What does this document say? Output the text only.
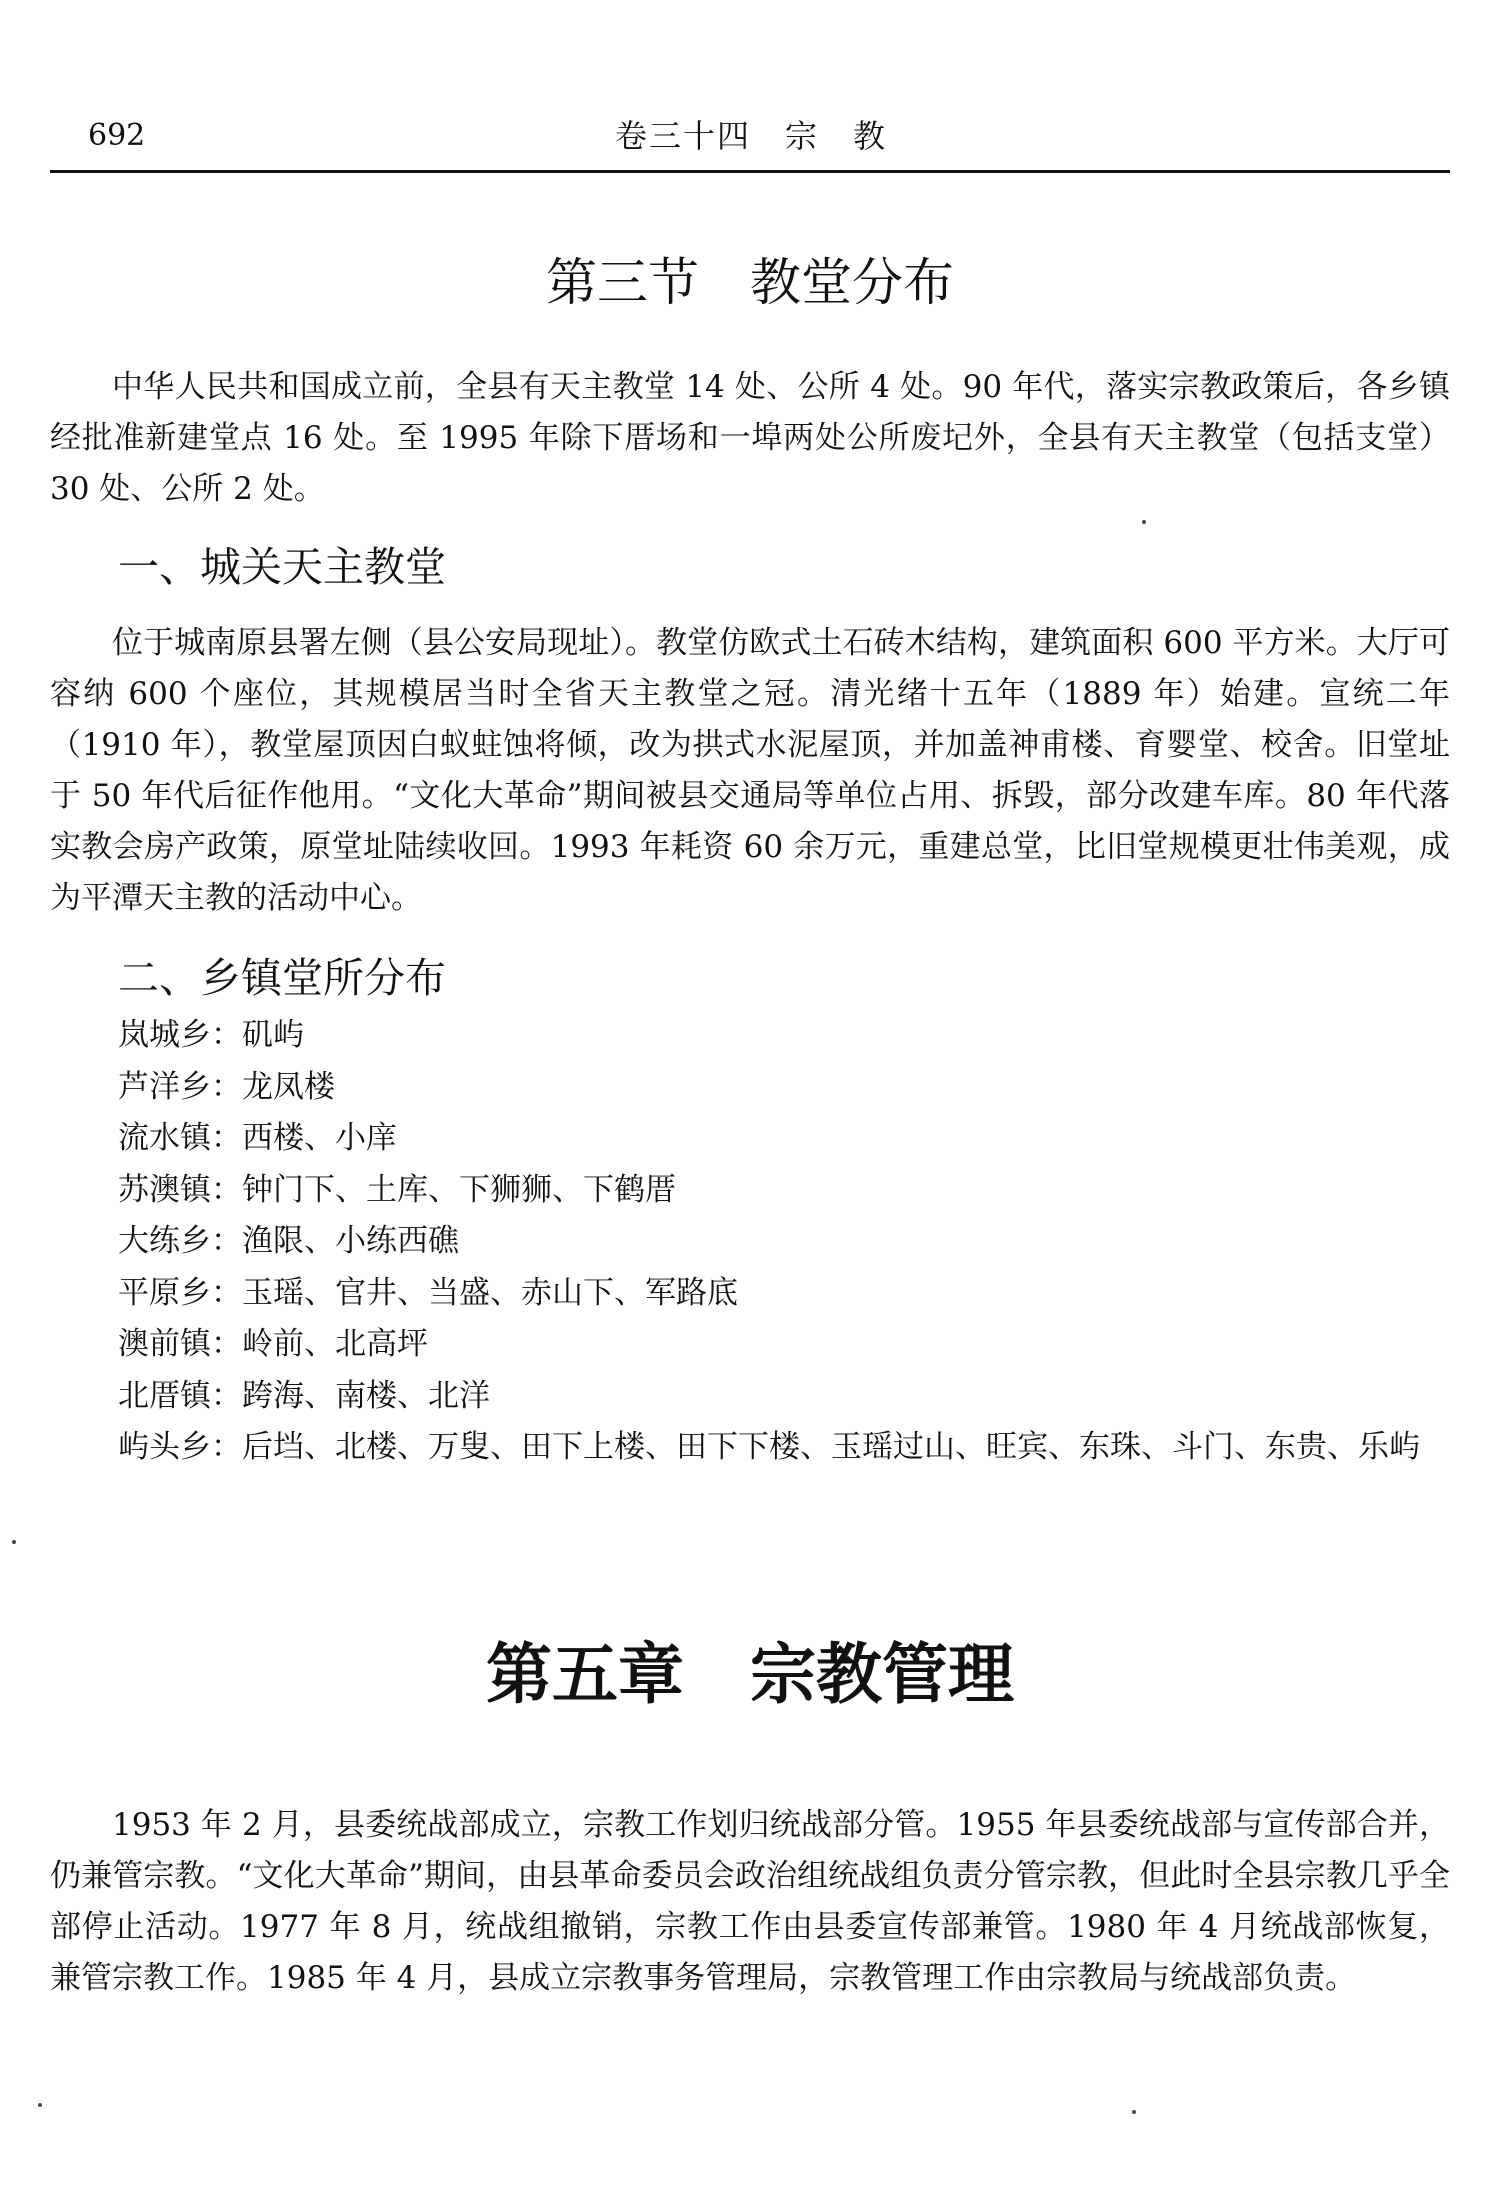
692	卷三十四　宗　教
第三节　教堂分布

中华人民共和国成立前，全县有天主教堂 14 处、公所 4 处。90 年代，落实宗教政策后，各乡镇经批准新建堂点 16 处。至 1995 年除下厝场和一埠两处公所废圮外，全县有天主教堂（包括支堂）30 处、公所 2 处。

一、城关天主教堂

位于城南原县署左侧（县公安局现址）。教堂仿欧式土石砖木结构，建筑面积 600 平方米。大厅可容纳 600 个座位，其规模居当时全省天主教堂之冠。清光绪十五年（1889 年）始建。宣统二年（1910 年），教堂屋顶因白蚁蛀蚀将倾，改为拱式水泥屋顶，并加盖神甫楼、育婴堂、校舍。旧堂址于 50 年代后征作他用。“文化大革命”期间被县交通局等单位占用、拆毁，部分改建车库。80 年代落实教会房产政策，原堂址陆续收回。1993 年耗资 60 余万元，重建总堂，比旧堂规模更壮伟美观，成为平潭天主教的活动中心。

二、乡镇堂所分布
岚城乡：矶屿
芦洋乡：龙凤楼
流水镇：西楼、小庠
苏澳镇：钟门下、土库、下狮狮、下鹤厝
大练乡：渔限、小练西礁
平原乡：玉瑶、官井、当盛、赤山下、军路底
澳前镇：岭前、北高坪
北厝镇：跨海、南楼、北洋
屿头乡：后垱、北楼、万叟、田下上楼、田下下楼、玉瑶过山、旺宾、东珠、斗门、东贵、乐屿
第五章　宗教管理

1953 年 2 月，县委统战部成立，宗教工作划归统战部分管。1955 年县委统战部与宣传部合并，仍兼管宗教。“文化大革命”期间，由县革命委员会政治组统战组负责分管宗教，但此时全县宗教几乎全部停止活动。1977 年 8 月，统战组撤销，宗教工作由县委宣传部兼管。1980 年 4 月统战部恢复，兼管宗教工作。1985 年 4 月，县成立宗教事务管理局，宗教管理工作由宗教局与统战部负责。
